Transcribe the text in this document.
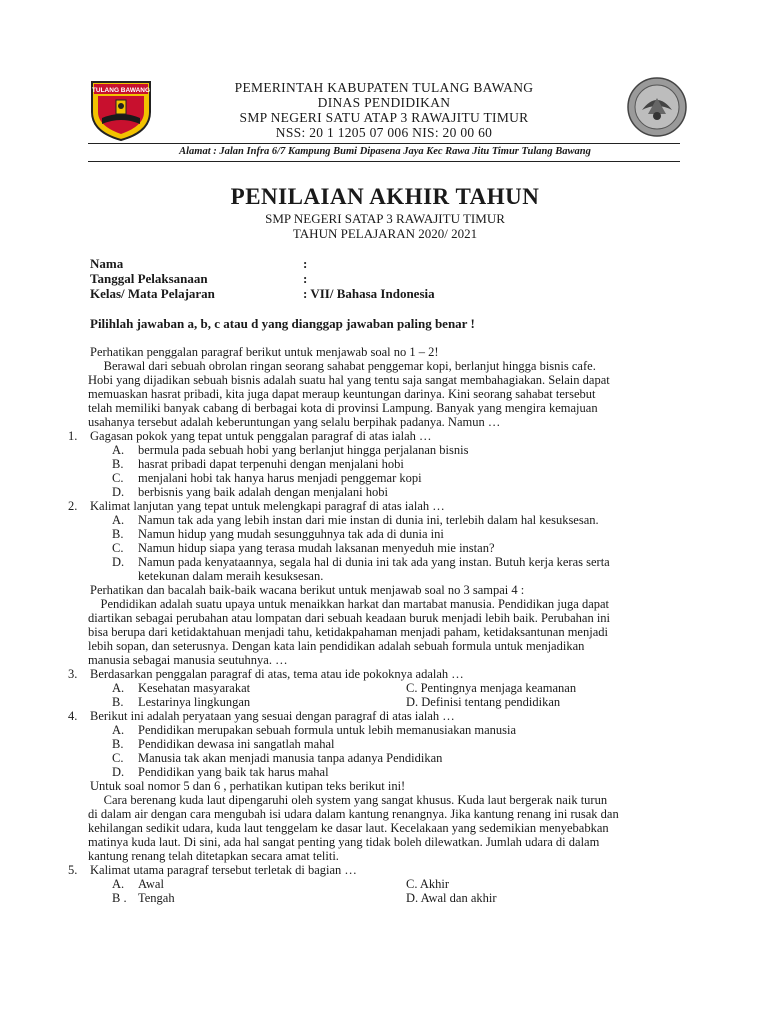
TULANG BAWANG	PEMERINTAH KABUPATEN TULANG BAWANG
DINAS PENDIDIKAN
SMP NEGERI SATU ATAP 3 RAWAJITU TIMUR
NSS: 20 1 1205 07 006 NIS: 20 00 60
Alamat : Jalan Infra 6/7 Kampung Bumi Dipasena Jaya Kec Rawa Jitu Timur Tulang Bawang
PENILAIAN AKHIR TAHUN
SMP NEGERI SATAP 3 RAWAJITU TIMUR
TAHUN PELAJARAN 2020/ 2021
Nama	:
Tanggal Pelaksanaan	:
Kelas/ Mata Pelajaran	: VII/ Bahasa Indonesia
Pilihlah jawaban a, b, c atau d yang dianggap jawaban paling benar !
Perhatikan penggalan paragraf berikut untuk menjawab soal no 1 – 2!
Berawal dari sebuah obrolan ringan seorang sahabat penggemar kopi, berlanjut hingga bisnis cafe.
Hobi yang dijadikan sebuah bisnis adalah suatu hal yang tentu saja sangat membahagiakan. Selain dapat
memuaskan hasrat pribadi, kita juga dapat meraup keuntungan darinya. Kini seorang sahabat tersebut
telah memiliki banyak cabang di berbagai kota di provinsi Lampung. Banyak yang mengira kemajuan
usahanya tersebut adalah keberuntungan yang selalu berpihak padanya. Namun …
1. Gagasan pokok yang tepat untuk penggalan paragraf di atas ialah …
A. bermula pada sebuah hobi yang berlanjut hingga perjalanan bisnis
B. hasrat pribadi dapat terpenuhi dengan menjalani hobi
C. menjalani hobi tak hanya harus menjadi penggemar kopi
D. berbisnis yang baik adalah dengan menjalani hobi
2. Kalimat lanjutan yang tepat untuk melengkapi paragraf di atas ialah …
A. Namun tak ada yang lebih instan dari mie instan di dunia ini, terlebih dalam hal kesuksesan.
B. Namun hidup yang mudah sesungguhnya tak ada di dunia ini
C. Namun hidup siapa yang terasa mudah laksanan menyeduh mie instan?
D. Namun pada kenyataannya, segala hal di dunia ini tak ada yang instan. Butuh kerja keras serta
ketekunan dalam meraih kesuksesan.
Perhatikan dan bacalah baik-baik wacana berikut untuk menjawab soal no 3 sampai 4 :
Pendidikan adalah suatu upaya untuk menaikkan harkat dan martabat manusia. Pendidikan juga dapat
diartikan sebagai perubahan atau lompatan dari sebuah keadaan buruk menjadi lebih baik. Perubahan ini
bisa berupa dari ketidaktahuan menjadi tahu, ketidakpahaman menjadi paham, ketidaksantunan menjadi
lebih sopan, dan seterusnya. Dengan kata lain pendidikan adalah sebuah formula untuk menjadikan
manusia sebagai manusia seutuhnya. …
3. Berdasarkan penggalan paragraf di atas, tema atau ide pokoknya adalah …
A. Kesehatan masyarakat	C. Pentingnya menjaga keamanan
B. Lestarinya lingkungan	D. Definisi tentang pendidikan
4. Berikut ini adalah peryataan yang sesuai dengan paragraf di atas ialah …
A. Pendidikan merupakan sebuah formula untuk lebih memanusiakan manusia
B. Pendidikan dewasa ini sangatlah mahal
C. Manusia tak akan menjadi manusia tanpa adanya Pendidikan
D. Pendidikan yang baik tak harus mahal
Untuk soal nomor 5 dan 6 , perhatikan kutipan teks berikut ini!
Cara berenang kuda laut dipengaruhi oleh system yang sangat khusus. Kuda laut bergerak naik turun
di dalam air dengan cara mengubah isi udara dalam kantung renangnya. Jika kantung renang ini rusak dan
kehilangan sedikit udara, kuda laut tenggelam ke dasar laut. Kecelakaan yang sedemikian menyebabkan
matinya kuda laut. Di sini, ada hal sangat penting yang tidak boleh dilewatkan. Jumlah udara di dalam
kantung renang telah ditetapkan secara amat teliti.
5. Kalimat utama paragraf tersebut terletak di bagian …
A. Awal	C. Akhir
B . Tengah	D. Awal dan akhir
